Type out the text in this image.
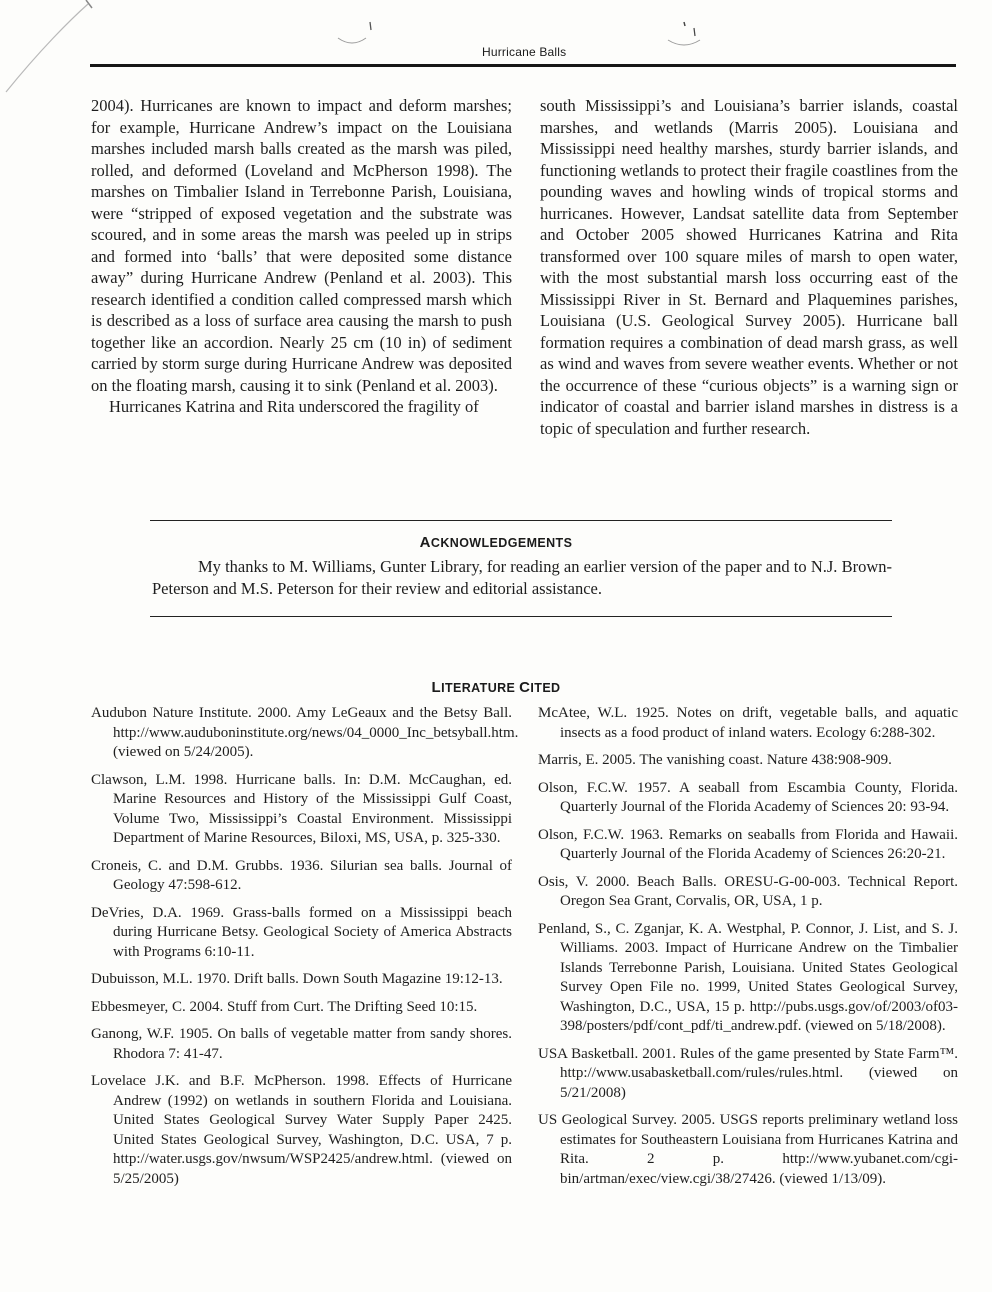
Hurricane Balls

2004). Hurricanes are known to impact and deform marshes; for example, Hurricane Andrew’s impact on the Louisiana marshes included marsh balls created as the marsh was piled, rolled, and deformed (Loveland and McPherson 1998). The marshes on Timbalier Island in Terrebonne Parish, Louisiana, were “stripped of exposed vegetation and the substrate was scoured, and in some areas the marsh was peeled up in strips and formed into ‘balls’ that were deposited some distance away” during Hurricane Andrew (Penland et al. 2003). This research identified a condition called compressed marsh which is described as a loss of surface area causing the marsh to push together like an accordion. Nearly 25 cm (10 in) of sediment carried by storm surge during Hurricane Andrew was deposited on the floating marsh, causing it to sink (Penland et al. 2003).

Hurricanes Katrina and Rita underscored the fragility of

south Mississippi’s and Louisiana’s barrier islands, coastal marshes, and wetlands (Marris 2005). Louisiana and Mississippi need healthy marshes, sturdy barrier islands, and functioning wetlands to protect their fragile coastlines from the pounding waves and howling winds of tropical storms and hurricanes. However, Landsat satellite data from September and October 2005 showed Hurricanes Katrina and Rita transformed over 100 square miles of marsh to open water, with the most substantial marsh loss occurring east of the Mississippi River in St. Bernard and Plaquemines parishes, Louisiana (U.S. Geological Survey 2005). Hurricane ball formation requires a combination of dead marsh grass, as well as wind and waves from severe weather events. Whether or not the occurrence of these “curious objects” is a warning sign or indicator of coastal and barrier island marshes in distress is a topic of speculation and further research.

ACKNOWLEDGEMENTS

My thanks to M. Williams, Gunter Library, for reading an earlier version of the paper and to N.J. Brown-Peterson and M.S. Peterson for their review and editorial assistance.

LITERATURE CITED

Audubon Nature Institute. 2000. Amy LeGeaux and the Betsy Ball. http://www.auduboninstitute.org/news/04_0000_Inc_betsyball.htm. (viewed on 5/24/2005).

Clawson, L.M. 1998. Hurricane balls. In: D.M. McCaughan, ed. Marine Resources and History of the Mississippi Gulf Coast, Volume Two, Mississippi’s Coastal Environment. Mississippi Department of Marine Resources, Biloxi, MS, USA, p. 325-330.

Croneis, C. and D.M. Grubbs. 1936. Silurian sea balls. Journal of Geology 47:598-612.

DeVries, D.A. 1969. Grass-balls formed on a Mississippi beach during Hurricane Betsy. Geological Society of America Abstracts with Programs 6:10-11.

Dubuisson, M.L. 1970. Drift balls. Down South Magazine 19:12-13.

Ebbesmeyer, C. 2004. Stuff from Curt. The Drifting Seed 10:15.

Ganong, W.F. 1905. On balls of vegetable matter from sandy shores. Rhodora 7: 41-47.

Lovelace J.K. and B.F. McPherson. 1998. Effects of Hurricane Andrew (1992) on wetlands in southern Florida and Louisiana. United States Geological Survey Water Supply Paper 2425. United States Geological Survey, Washington, D.C. USA, 7 p. http://water.usgs.gov/nwsum/WSP2425/andrew.html. (viewed on 5/25/2005)

McAtee, W.L. 1925. Notes on drift, vegetable balls, and aquatic insects as a food product of inland waters. Ecology 6:288-302.

Marris, E. 2005. The vanishing coast. Nature 438:908-909.

Olson, F.C.W. 1957. A seaball from Escambia County, Florida. Quarterly Journal of the Florida Academy of Sciences 20: 93-94.

Olson, F.C.W. 1963. Remarks on seaballs from Florida and Hawaii. Quarterly Journal of the Florida Academy of Sciences 26:20-21.

Osis, V. 2000. Beach Balls. ORESU-G-00-003. Technical Report. Oregon Sea Grant, Corvalis, OR, USA, 1 p.

Penland, S., C. Zganjar, K. A. Westphal, P. Connor, J. List, and S. J. Williams. 2003. Impact of Hurricane Andrew on the Timbalier Islands Terrebonne Parish, Louisiana. United States Geological Survey Open File no. 1999, United States Geological Survey, Washington, D.C., USA, 15 p. http://pubs.usgs.gov/of/2003/of03-398/posters/pdf/cont_pdf/ti_andrew.pdf. (viewed on 5/18/2008).

USA Basketball. 2001. Rules of the game presented by State Farm™. http://www.usabasketball.com/rules/rules.html. (viewed on 5/21/2008)

US Geological Survey. 2005. USGS reports preliminary wetland loss estimates for Southeastern Louisiana from Hurricanes Katrina and Rita. 2 p. http://www.yubanet.com/cgi-bin/artman/exec/view.cgi/38/27426. (viewed 1/13/09).
